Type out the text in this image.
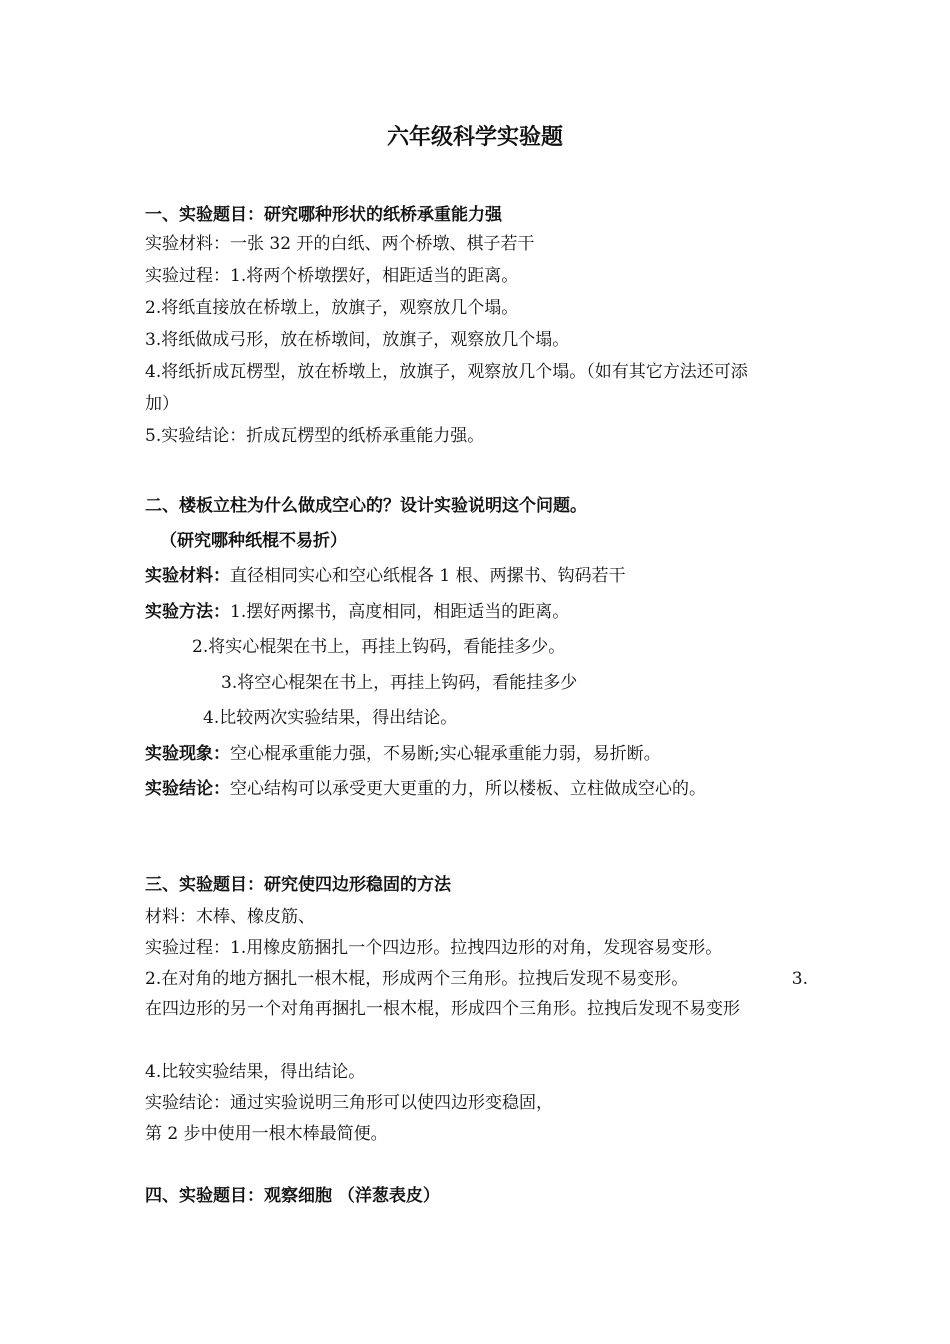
六年级科学实验题
一、实验题目：研究哪种形状的纸桥承重能力强
实验材料：一张 32 开的白纸、两个桥墩、棋子若干
实验过程：1.将两个桥墩摆好，相距适当的距离。
2.将纸直接放在桥墩上，放旗子，观察放几个塌。
3.将纸做成弓形，放在桥墩间，放旗子，观察放几个塌。
4.将纸折成瓦楞型，放在桥墩上，放旗子，观察放几个塌。（如有其它方法还可添
加）
5.实验结论：折成瓦楞型的纸桥承重能力强。
二、楼板立柱为什么做成空心的？设计实验说明这个问题。
（研究哪种纸棍不易折）
实验材料：直径相同实心和空心纸棍各 1 根、两摞书、钩码若干
实验方法：1.摆好两摞书，高度相同，相距适当的距离。
2.将实心棍架在书上，再挂上钩码，看能挂多少。
3.将空心棍架在书上，再挂上钩码，看能挂多少
4.比较两次实验结果，得出结论。
实验现象：空心棍承重能力强，不易断;实心辊承重能力弱，易折断。
实验结论：空心结构可以承受更大更重的力，所以楼板、立柱做成空心的。
三、实验题目：研究使四边形稳固的方法
材料：木棒、橡皮筋、
实验过程：1.用橡皮筋捆扎一个四边形。拉拽四边形的对角，发现容易变形。
2.在对角的地方捆扎一根木棍，形成两个三角形。拉拽后发现不易变形。	3.
在四边形的另一个对角再捆扎一根木棍，形成四个三角形。拉拽后发现不易变形
4.比较实验结果，得出结论。
实验结论：通过实验说明三角形可以使四边形变稳固，
第 2 步中使用一根木棒最简便。
四、实验题目：观察细胞 （洋葱表皮）
